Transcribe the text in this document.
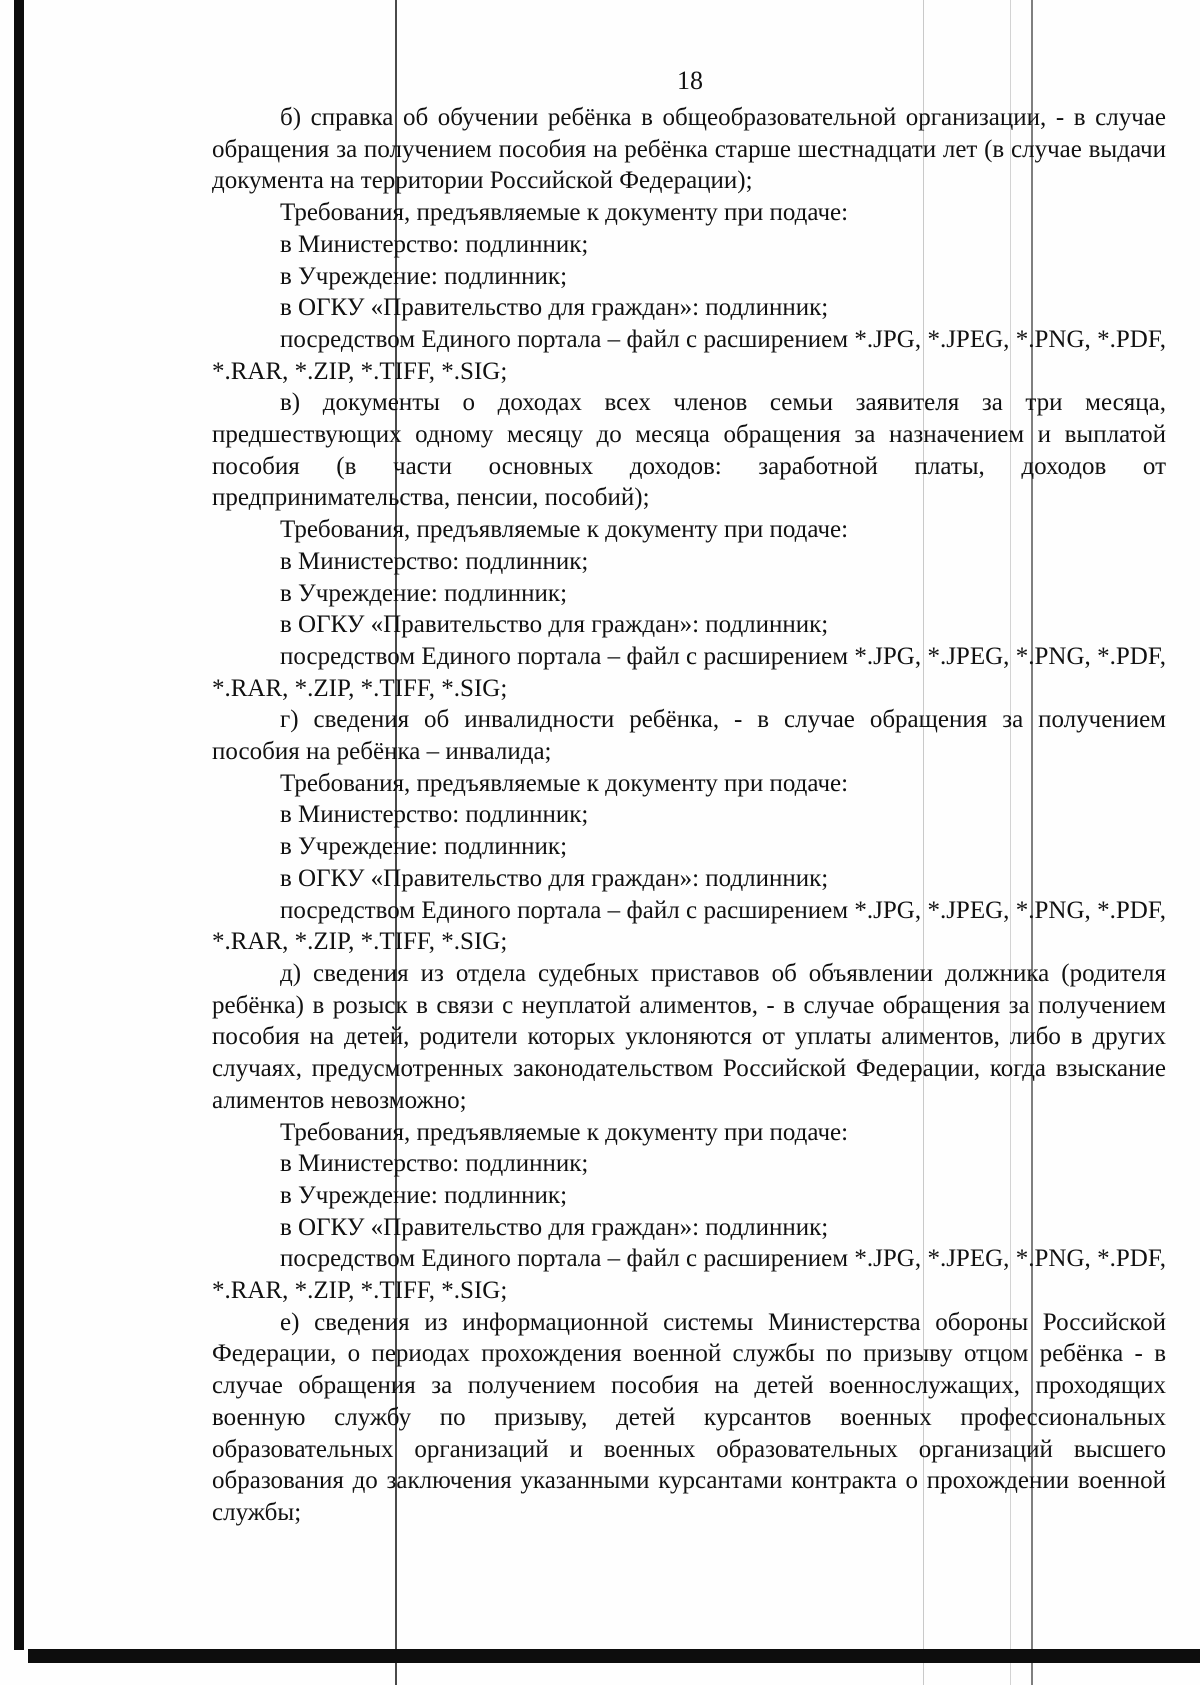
18

б) справка об обучении ребёнка в общеобразовательной организации, - в случае обращения за получением пособия на ребёнка старше шестнадцати лет (в случае выдачи документа на территории Российской Федерации);

Требования, предъявляемые к документу при подаче:

в Министерство: подлинник;

в Учреждение: подлинник;

в ОГКУ «Правительство для граждан»: подлинник;

посредством Единого портала – файл с расширением *.JPG, *.JPEG, *.PNG, *.PDF, *.RAR, *.ZIP, *.TIFF, *.SIG;

в) документы о доходах всех членов семьи заявителя за три месяца, предшествующих одному месяцу до месяца обращения за назначением и выплатой пособия (в части основных доходов: заработной платы, доходов от предпринимательства, пенсии, пособий);

Требования, предъявляемые к документу при подаче:

в Министерство: подлинник;

в Учреждение: подлинник;

в ОГКУ «Правительство для граждан»: подлинник;

посредством Единого портала – файл с расширением *.JPG, *.JPEG, *.PNG, *.PDF, *.RAR, *.ZIP, *.TIFF, *.SIG;

г) сведения об инвалидности ребёнка, - в случае обращения за получением пособия на ребёнка – инвалида;

Требования, предъявляемые к документу при подаче:

в Министерство: подлинник;

в Учреждение: подлинник;

в ОГКУ «Правительство для граждан»: подлинник;

посредством Единого портала – файл с расширением *.JPG, *.JPEG, *.PNG, *.PDF, *.RAR, *.ZIP, *.TIFF, *.SIG;

д) сведения из отдела судебных приставов об объявлении должника (родителя ребёнка) в розыск в связи с неуплатой алиментов, - в случае обращения за получением пособия на детей, родители которых уклоняются от уплаты алиментов, либо в других случаях, предусмотренных законодательством Российской Федерации, когда взыскание алиментов невозможно;

Требования, предъявляемые к документу при подаче:

в Министерство: подлинник;

в Учреждение: подлинник;

в ОГКУ «Правительство для граждан»: подлинник;

посредством Единого портала – файл с расширением *.JPG, *.JPEG, *.PNG, *.PDF, *.RAR, *.ZIP, *.TIFF, *.SIG;

е) сведения из информационной системы Министерства обороны Российской Федерации, о периодах прохождения военной службы по призыву отцом ребёнка - в случае обращения за получением пособия на детей военнослужащих, проходящих военную службу по призыву, детей курсантов военных профессиональных образовательных организаций и военных образовательных организаций высшего образования до заключения указанными курсантами контракта о прохождении военной службы;
